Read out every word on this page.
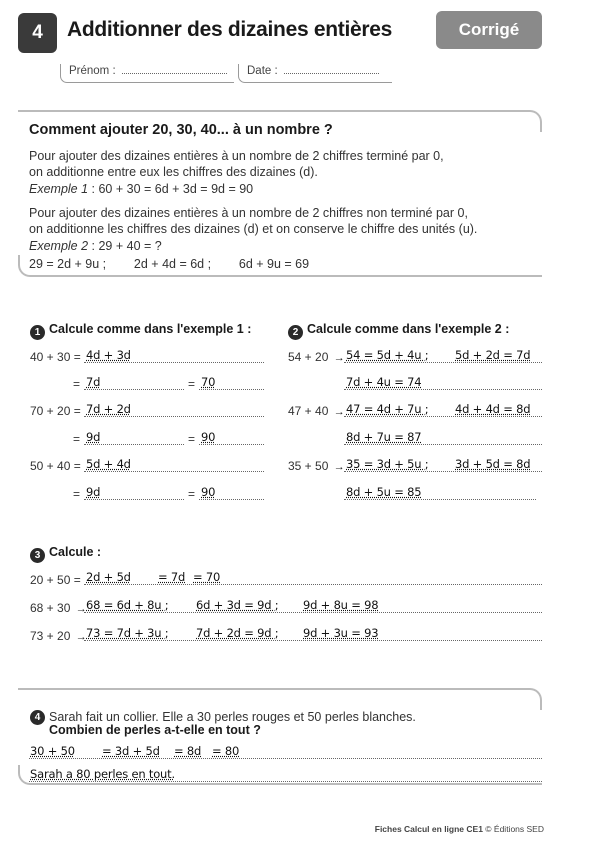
4 Additionner des dizaines entières	Corrigé
Prénom :	Date :
Comment ajouter 20, 30, 40... à un nombre ?
Pour ajouter des dizaines entières à un nombre de 2 chiffres terminé par 0,
on additionne entre eux les chiffres des dizaines (d).
Exemple 1 : 60 + 30 = 6d + 3d = 9d = 90
Pour ajouter des dizaines entières à un nombre de 2 chiffres non terminé par 0,
on additionne les chiffres des dizaines (d) et on conserve le chiffre des unités (u).
Exemple 2 : 29 + 40 = ?
29 = 2d + 9u ;        2d + 4d = 6d ;        6d + 9u = 69
1 Calcule comme dans l'exemple 1 :
40 + 30 = 4d + 3d
= 7d	= 70
70 + 20 = 7d + 2d
= 9d	= 90
50 + 40 = 5d + 4d
= 9d	= 90
2 Calcule comme dans l'exemple 2 :
54 + 20 → 54 = 5d + 4u ; 5d + 2d = 7d
7d + 4u = 74
47 + 40 → 47 = 4d + 7u ; 4d + 4d = 8d
8d + 7u = 87
35 + 50 → 35 = 3d + 5u ; 3d + 5d = 8d
8d + 5u = 85
3 Calcule :
20 + 50 = 2d + 5d = 7d = 70
68 + 30 → 68 = 6d + 8u ; 6d + 3d = 9d ; 9d + 8u = 98
73 + 20 → 73 = 7d + 3u ; 7d + 2d = 9d ; 9d + 3u = 93
4 Sarah fait un collier. Elle a 30 perles rouges et 50 perles blanches.
Combien de perles a-t-elle en tout ?
30 + 50 = 3d + 5d = 8d = 80
Sarah a 80 perles en tout.
Fiches Calcul en ligne CE1 © Éditions SED
